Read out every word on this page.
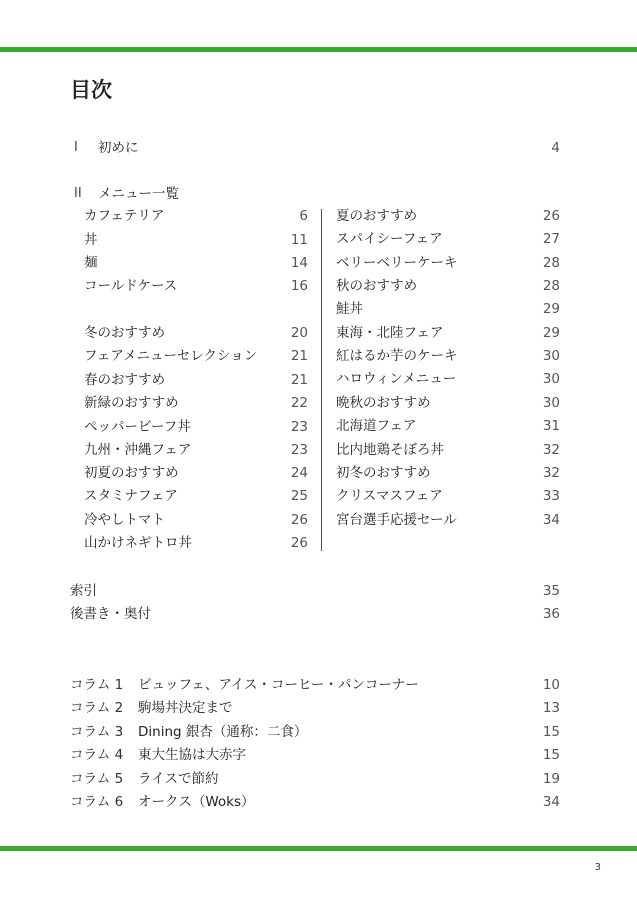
目次
I 初めに	4
II メニュー一覧
カフェテリア	6
丼	11
麺	14
コールドケース	16
冬のおすすめ	20
フェアメニューセレクション	21
春のおすすめ	21
新緑のおすすめ	22
ペッパービーフ丼	23
九州・沖縄フェア	23
初夏のおすすめ	24
スタミナフェア	25
冷やしトマト	26
山かけネギトロ丼	26
夏のおすすめ	26
スパイシーフェア	27
ベリーベリーケーキ	28
秋のおすすめ	28
鮭丼	29
東海・北陸フェア	29
紅はるか芋のケーキ	30
ハロウィンメニュー	30
晩秋のおすすめ	30
北海道フェア	31
比内地鶏そぼろ丼	32
初冬のおすすめ	32
クリスマスフェア	33
宮台選手応援セール	34
索引	35
後書き・奥付	36
コラム 1 ビュッフェ、アイス・コーヒー・パンコーナー	10
コラム 2 駒場丼決定まで	13
コラム 3 Dining 銀杏（通称：二食）	15
コラム 4 東大生協は大赤字	15
コラム 5 ライスで節約	19
コラム 6 オークス（Woks）	34
3
